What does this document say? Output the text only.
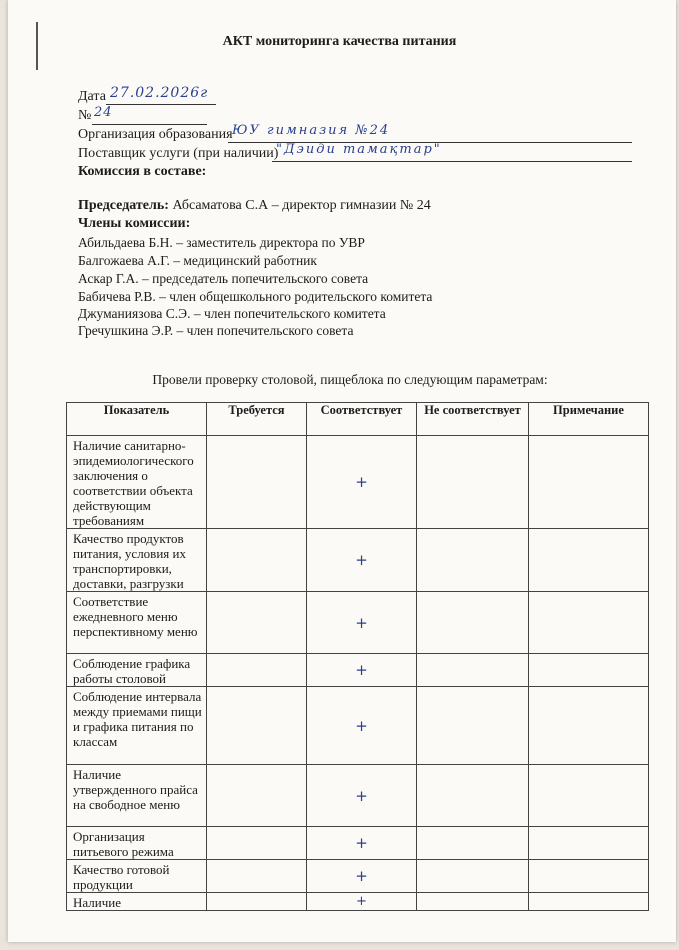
АКТ мониторинга качества питания
Дата 27.02.2026г
№ 24
Организация образования ЮУ гимназия №24
Поставщик услуги (при наличии)
"Дэиди тамақтар"
Комиссия в составе:
Председатель: Абсаматова С.А – директор гимназии № 24
Члены комиссии:
Абильдаева Б.Н. – заместитель директора по УВР
Балгожаева А.Г. – медицинский работник
Аскар Г.А. – председатель попечительского совета
Бабичева Р.В. – член общешкольного родительского комитета
Джуманиязова С.Э. – член попечительского комитета
Гречушкина Э.Р. – член попечительского совета
Провели проверку столовой, пищеблока по следующим параметрам:
Показатель	Требуется	Соответствует	Не соответствует	Примечание
Наличие санитарно-эпидемиологического заключения о соответствии объекта действующим требованиям		+		
Качество продуктов питания, условия их транспортировки, доставки, разгрузки		+		
Соответствие ежедневного меню перспективному меню		+		
Соблюдение графика работы столовой		+		
Соблюдение интервала между приемами пищи и графика питания по классам		+		
Наличие утвержденного прайса на свободное меню		+		
Организация питьевого режима		+		
Качество готовой продукции		+		
Наличие		+		
